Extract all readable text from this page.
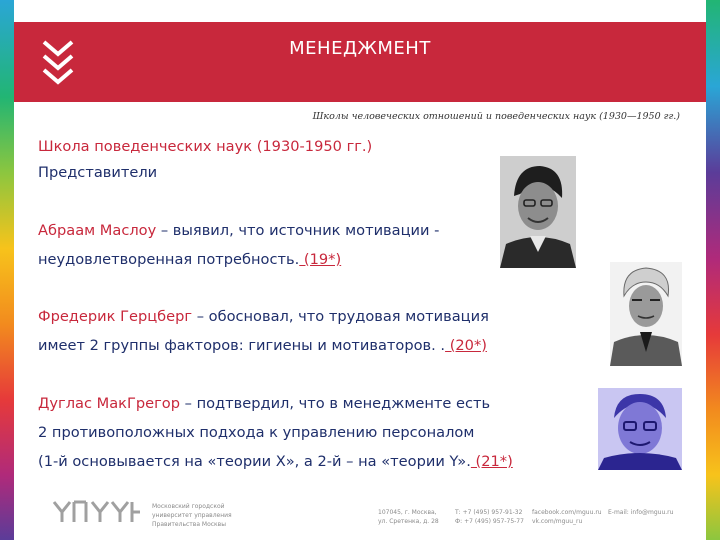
МЕНЕДЖМЕНТ
Школы человеческих отношений и поведенческих наук (1930—1950 гг.)
Школа поведенческих наук (1930-1950 гг.)
Представители
Абраам Маслоу – выявил, что источник мотивации -
неудовлетворенная потребность. (19*)
Фредерик Герцберг – обосновал, что трудовая мотивация
имеет 2 группы факторов: гигиены и мотиваторов. . (20*)
Дуглас МакГрегор – подтвердил, что в менеджменте есть
2 противоположных подхода к управлению персоналом
(1-й основывается на «теории X», а 2-й – на «теории Y». (21*)
Московский городской
университет управления
Правительства Москвы
107045, г. Москва,
ул. Сретенка, д. 28
Т: +7 (495) 957-91-32
Ф: +7 (495) 957-75-77
facebook.com/mguu.ru
vk.com/mguu_ru
E-mail: info@mguu.ru
